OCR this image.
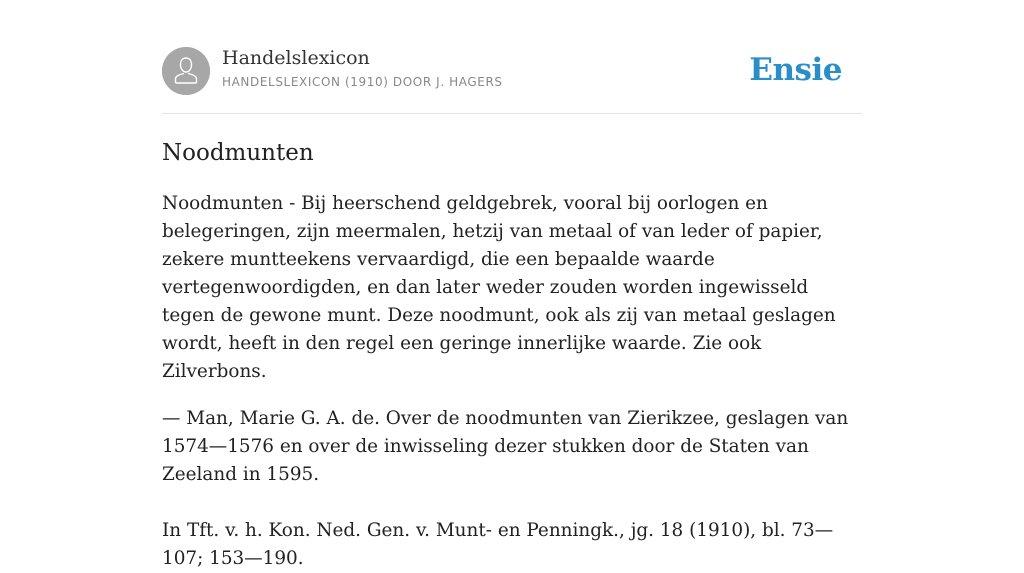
Handelslexicon
HANDELSLEXICON (1910) DOOR J. HAGERS	Ensie
Noodmunten

Noodmunten - Bij heerschend geldgebrek, vooral bij oorlogen en belegeringen, zijn meermalen, hetzij van metaal of van leder of papier, zekere muntteekens vervaardigd, die een bepaalde waarde vertegenwoordigden, en dan later weder zouden worden ingewisseld tegen de gewone munt. Deze noodmunt, ook als zij van metaal geslagen wordt, heeft in den regel een geringe innerlijke waarde. Zie ook Zilverbons.

— Man, Marie G. A. de. Over de noodmunten van Zierikzee, geslagen van 1574—1576 en over de inwisseling dezer stukken door de Staten van Zeeland in 1595.

In Tft. v. h. Kon. Ned. Gen. v. Munt- en Penningk., jg. 18 (1910), bl. 73—107; 153—190.
